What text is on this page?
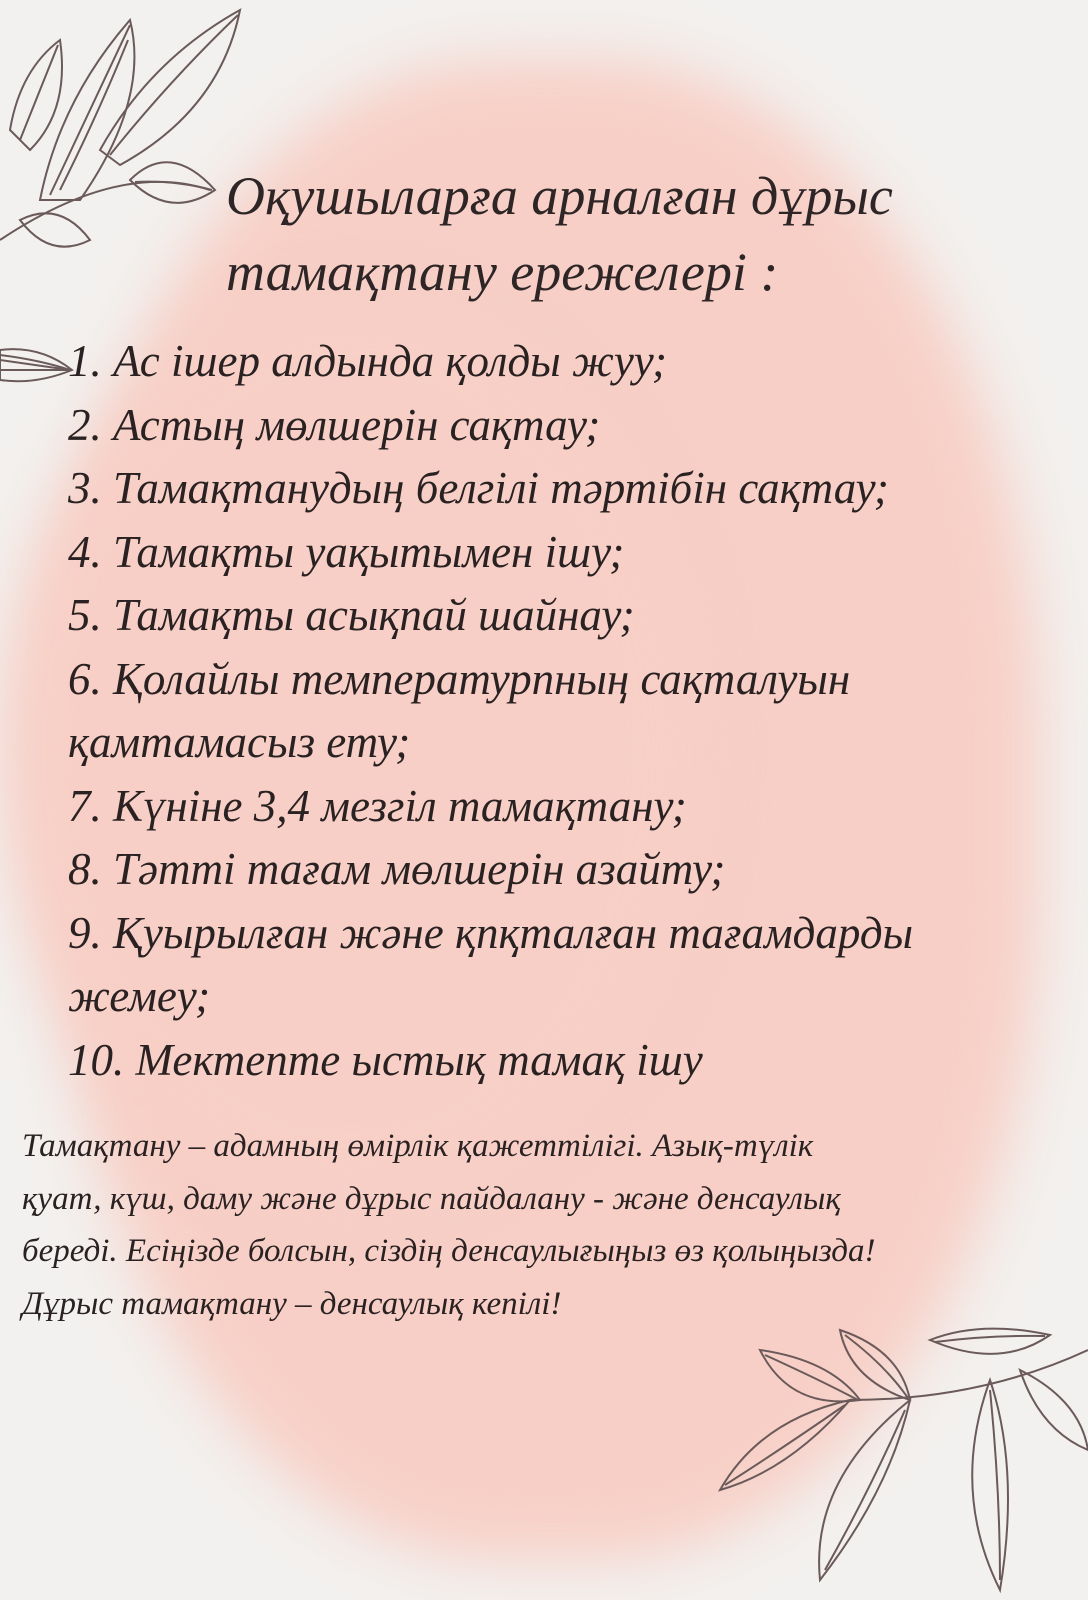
Оқушыларға арналған дұрыс
тамақтану ережелері :
1. Ас ішер алдында қолды жуу;
2. Астың мөлшерін сақтау;
3. Тамақтанудың белгілі тәртібін сақтау;
4. Тамақты уақытымен ішу;
5. Тамақты асықпай шайнау;
6. Қолайлы температурпның сақталуын
қамтамасыз ету;
7. Күніне 3,4 мезгіл тамақтану;
8. Тәтті тағам мөлшерін азайту;
9. Қуырылған және қпқталған тағамдарды
жемеу;
10. Мектепте ыстық тамақ ішу
Тамақтану – адамның өмірлік қажеттілігі. Азық-түлік
қуат, күш, даму және дұрыс пайдалану - және денсаулық
береді. Есіңізде болсын, сіздің денсаулығыңыз өз қолыңызда!
Дұрыс тамақтану – денсаулық кепілі!
